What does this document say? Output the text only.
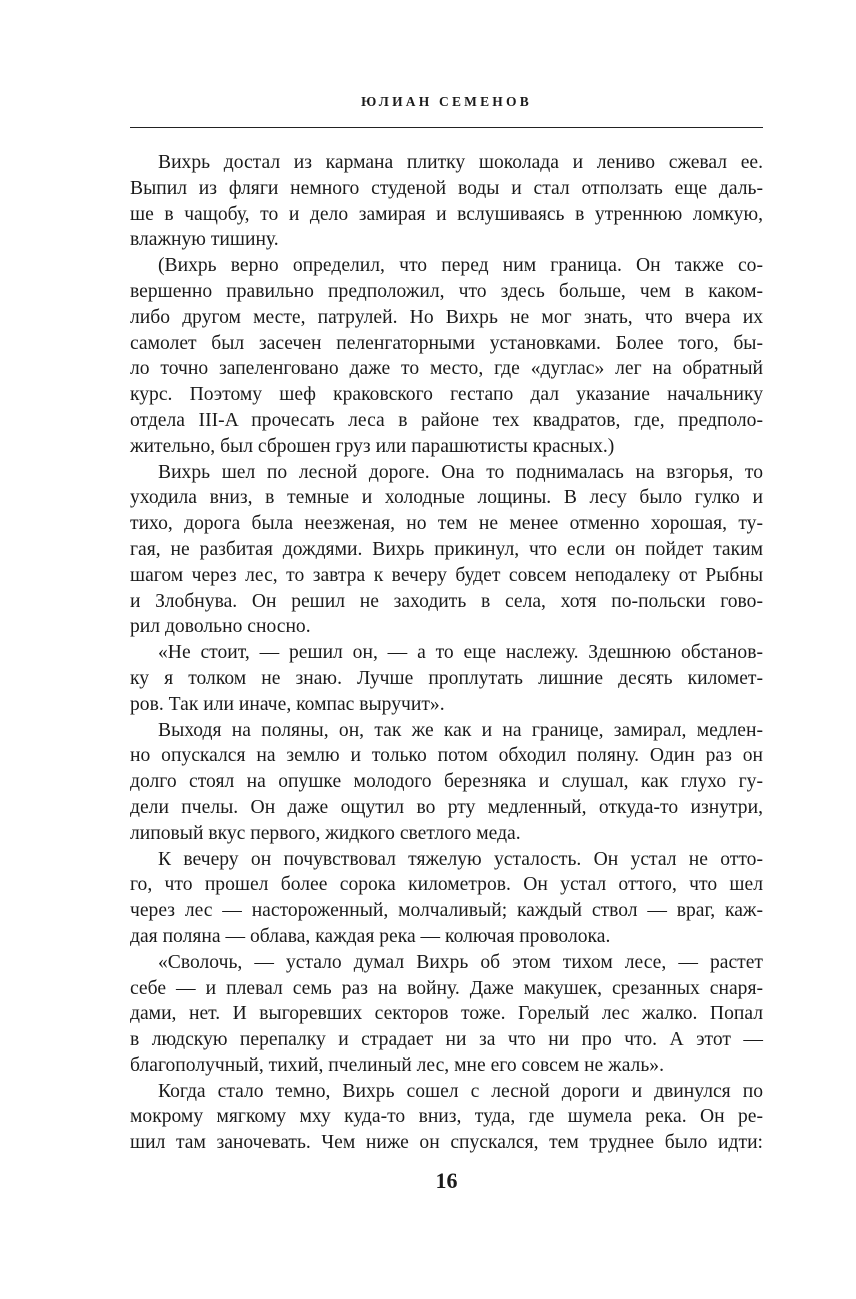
ЮЛИАН СЕМЕНОВ
Вихрь достал из кармана плитку шоколада и лениво сжевал ее.
Выпил из фляги немного студеной воды и стал отползать еще даль-
ше в чащобу, то и дело замирая и вслушиваясь в утреннюю ломкую,
влажную тишину.
(Вихрь верно определил, что перед ним граница. Он также со-
вершенно правильно предположил, что здесь больше, чем в каком-
либо другом месте, патрулей. Но Вихрь не мог знать, что вчера их
самолет был засечен пеленгаторными установками. Более того, бы-
ло точно запеленговано даже то место, где «дуглас» лег на обратный
курс. Поэтому шеф краковского гестапо дал указание начальнику
отдела III-A прочесать леса в районе тех квадратов, где, предполо-
жительно, был сброшен груз или парашютисты красных.)
Вихрь шел по лесной дороге. Она то поднималась на взгорья, то
уходила вниз, в темные и холодные лощины. В лесу было гулко и
тихо, дорога была неезженая, но тем не менее отменно хорошая, ту-
гая, не разбитая дождями. Вихрь прикинул, что если он пойдет таким
шагом через лес, то завтра к вечеру будет совсем неподалеку от Рыбны
и Злобнува. Он решил не заходить в села, хотя по-польски гово-
рил довольно сносно.
«Не стоит, — решил он, — а то еще наслежу. Здешнюю обстанов-
ку я толком не знаю. Лучше проплутать лишние десять километ-
ров. Так или иначе, компас выручит».
Выходя на поляны, он, так же как и на границе, замирал, медлен-
но опускался на землю и только потом обходил поляну. Один раз он
долго стоял на опушке молодого березняка и слушал, как глухо гу-
дели пчелы. Он даже ощутил во рту медленный, откуда-то изнутри,
липовый вкус первого, жидкого светлого меда.
К вечеру он почувствовал тяжелую усталость. Он устал не отто-
го, что прошел более сорока километров. Он устал оттого, что шел
через лес — настороженный, молчаливый; каждый ствол — враг, каж-
дая поляна — облава, каждая река — колючая проволока.
«Сволочь, — устало думал Вихрь об этом тихом лесе, — растет
себе — и плевал семь раз на войну. Даже макушек, срезанных снаря-
дами, нет. И выгоревших секторов тоже. Горелый лес жалко. Попал
в людскую перепалку и страдает ни за что ни про что. А этот —
благополучный, тихий, пчелиный лес, мне его совсем не жаль».
Когда стало темно, Вихрь сошел с лесной дороги и двинулся по
мокрому мягкому мху куда-то вниз, туда, где шумела река. Он ре-
шил там заночевать. Чем ниже он спускался, тем труднее было идти:
16
